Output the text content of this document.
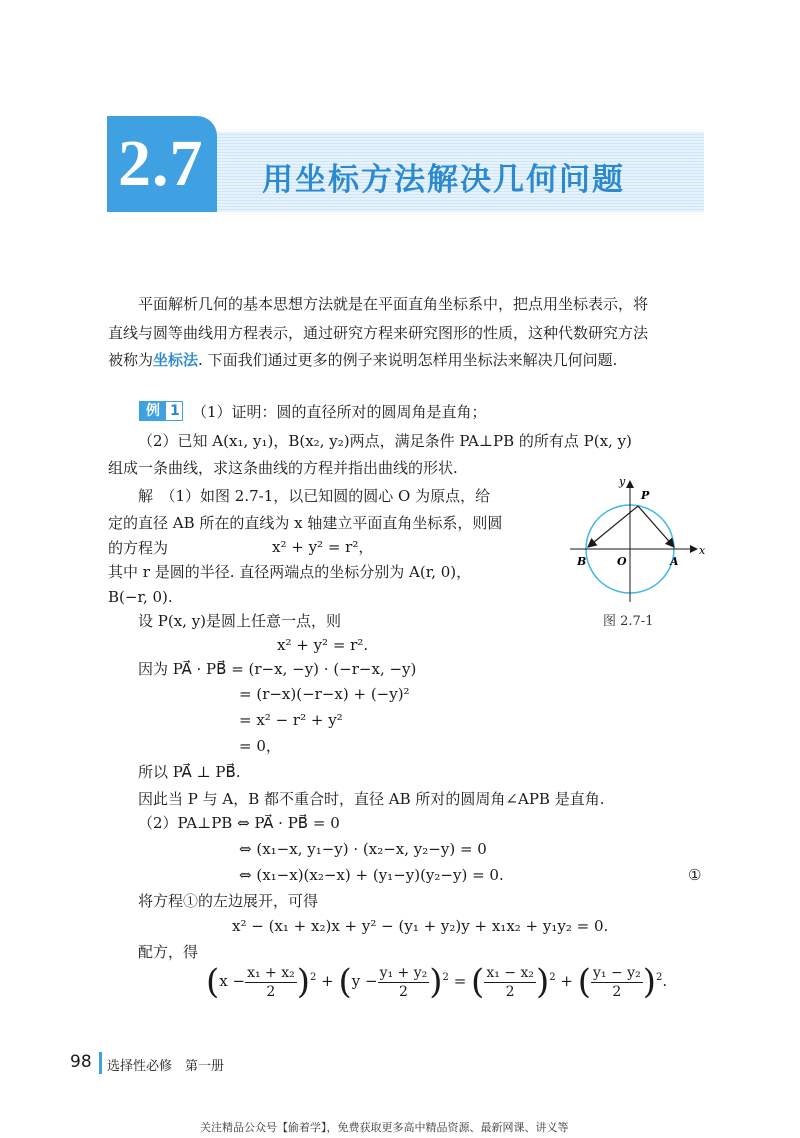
2.7 用坐标方法解决几何问题
平面解析几何的基本思想方法就是在平面直角坐标系中，把点用坐标表示，将
直线与圆等曲线用方程表示，通过研究方程来研究图形的性质，这种代数研究方法
被称为坐标法. 下面我们通过更多的例子来说明怎样用坐标法来解决几何问题.
例 1 （1）证明：圆的直径所对的圆周角是直角；
（2）已知 A(x₁, y₁)，B(x₂, y₂)两点，满足条件 PA⊥PB 的所有点 P(x, y)
组成一条曲线，求这条曲线的方程并指出曲线的形状.
解　（1）如图 2.7-1，以已知圆的圆心 O 为原点，给
定的直径 AB 所在的直线为 x 轴建立平面直角坐标系，则圆
的方程为	x² + y² = r²，
其中 r 是圆的半径. 直径两端点的坐标分别为 A(r, 0)，
B(−r, 0).
设 P(x, y)是圆上任意一点，则
x² + y² = r².
因为 PA⃗ · PB⃗ = (r−x, −y) · (−r−x, −y)
= (r−x)(−r−x) + (−y)²
= x² − r² + y²
= 0，
所以 PA⃗ ⊥ PB⃗.
因此当 P 与 A，B 都不重合时，直径 AB 所对的圆周角∠APB 是直角.
（2）PA⊥PB ⇔ PA⃗ · PB⃗ = 0
⇔ (x₁−x, y₁−y) · (x₂−x, y₂−y) = 0
⇔ (x₁−x)(x₂−x) + (y₁−y)(y₂−y) = 0.	①
将方程①的左边展开，可得
x² − (x₁ + x₂)x + y² − (y₁ + y₂)y + x₁x₂ + y₁y₂ = 0.
配方，得
$(x - \frac{\text{x₁ + x₂}}{2} )^2 + (y - \frac{\text{y₁ + y₂}}{2} )^2$ = ( $\frac{\text{x₁ − x₂}}{2} )^2$ + ( $\frac{\text{y₁ − y₂}}{2} )^2$.
y
x
P
A
B	O
图 2.7-1
98 选择性必修　第一册
关注精品公众号【偷着学】，免费获取更多高中精品资源、最新网课、讲义等
